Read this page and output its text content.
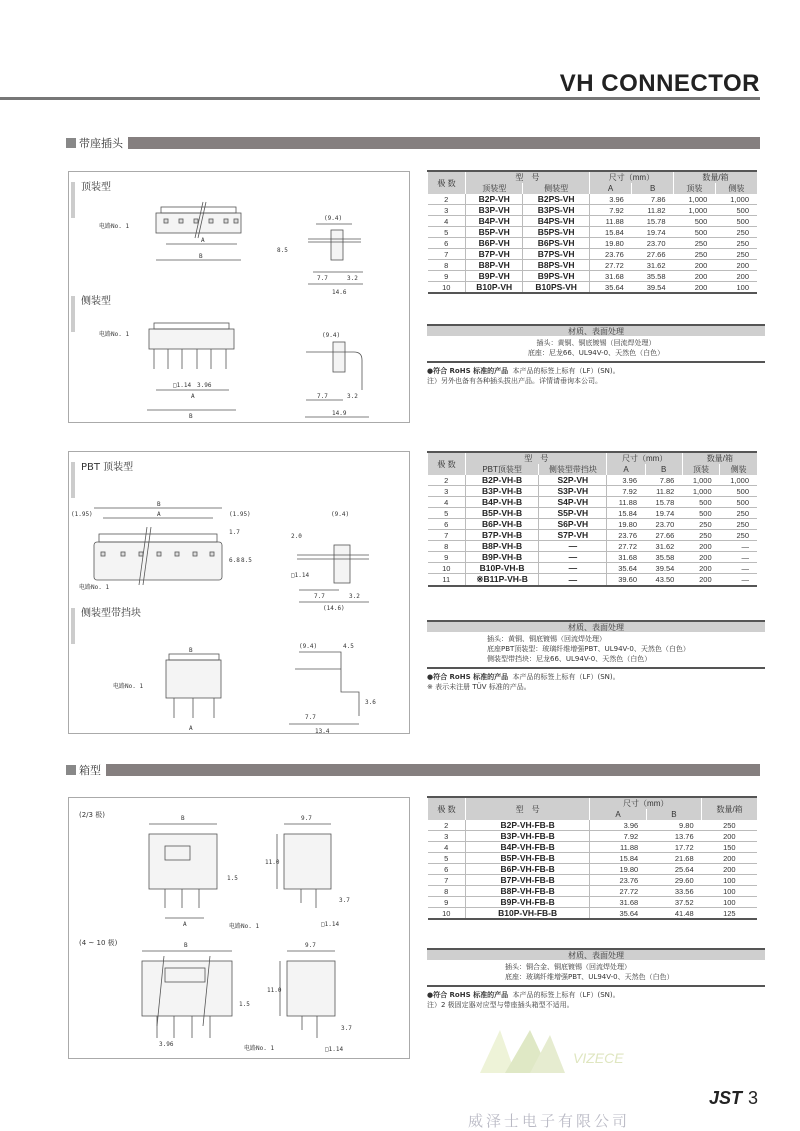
VH CONNECTOR
带座插头
顶装型
侧装型
电路No. 1
A
B
(9.4)
8.5
7.7	3.2
14.6
电路No. 1
□1.14 3.96
A
B
(9.4)
7.7	3.2
14.9
极 数	型　号		尺寸（mm）		数量/箱	
	顶装型	侧装型	A	B	顶装	侧装
2	B2P-VH	B2PS-VH	3.96	7.86	1,000	1,000
3	B3P-VH	B3PS-VH	7.92	11.82	1,000	500
4	B4P-VH	B4PS-VH	11.88	15.78	500	500
5	B5P-VH	B5PS-VH	15.84	19.74	500	250
6	B6P-VH	B6PS-VH	19.80	23.70	250	250
7	B7P-VH	B7PS-VH	23.76	27.66	250	250
8	B8P-VH	B8PS-VH	27.72	31.62	200	200
9	B9P-VH	B9PS-VH	31.68	35.58	200	200
10	B10P-VH	B10PS-VH	35.64	39.54	200	100
材质、表面处理
插头：黄铜、铜底镀锡（回流焊处理）
底座：尼龙66、UL94V-0、天然色（白色）
●符合 RoHS 标准的产品 本产品的标签上标有（LF）(SN)。
注）另外也备有各种插头拔出产品。详情请垂询本公司。
PBT 顶装型
侧装型带挡块
B
A
(1.95)	(1.95)
1.7
6.8 8.5
电路No. 1
(9.4)
2.0
□1.14
7.7	3.2
(14.6)
B
A
电路No. 1
(9.4)	4.5
7.7
13.4
3.6
极 数	型　号		尺寸（mm）		数量/箱	
	PBT顶装型	侧装型带挡块	A	B	顶装	侧装
2	B2P-VH-B	S2P-VH	3.96	7.86	1,000	1,000
3	B3P-VH-B	S3P-VH	7.92	11.82	1,000	500
4	B4P-VH-B	S4P-VH	11.88	15.78	500	500
5	B5P-VH-B	S5P-VH	15.84	19.74	500	250
6	B6P-VH-B	S6P-VH	19.80	23.70	250	250
7	B7P-VH-B	S7P-VH	23.76	27.66	250	250
8	B8P-VH-B	—	27.72	31.62	200	—
9	B9P-VH-B	—	31.68	35.58	200	—
10	B10P-VH-B	—	35.64	39.54	200	—
11	※B11P-VH-B	—	39.60	43.50	200	—
材质、表面处理
插头：黄铜、铜底镀锡（回流焊处理）
底座PBT顶装型：玻璃纤维增强PBT、UL94V-0、天然色（白色）
侧装型带挡块：尼龙66、UL94V-0、天然色（白色）
●符合 RoHS 标准的产品 本产品的标签上标有（LF）(SN)。
※ 表示未注册 TÜV 标准的产品。
箱型
(2/3 极)
(4 ~ 10 极)
B
A	电路No. 1
1.5
9.7
11.0
3.7
□1.14
B
1.5
3.96
电路No. 1
9.7
11.0
3.7
□1.14
极 数	型　号	尺寸（mm）		数量/箱
		A	B	
2	B2P-VH-FB-B	3.96	9.80	250
3	B3P-VH-FB-B	7.92	13.76	200
4	B4P-VH-FB-B	11.88	17.72	150
5	B5P-VH-FB-B	15.84	21.68	200
6	B6P-VH-FB-B	19.80	25.64	200
7	B7P-VH-FB-B	23.76	29.60	100
8	B8P-VH-FB-B	27.72	33.56	100
9	B9P-VH-FB-B	31.68	37.52	100
10	B10P-VH-FB-B	35.64	41.48	125
材质、表面处理
插头：铜合金、铜底镀锡（回流焊处理）
底座：玻璃纤维增强PBT、UL94V-0、天然色（白色）
●符合 RoHS 标准的产品 本产品的标签上标有（LF）(SN)。
注）2 极固定器对应型与带座插头箱型不适用。
VIZECE
威泽士电子有限公司
JST 3
